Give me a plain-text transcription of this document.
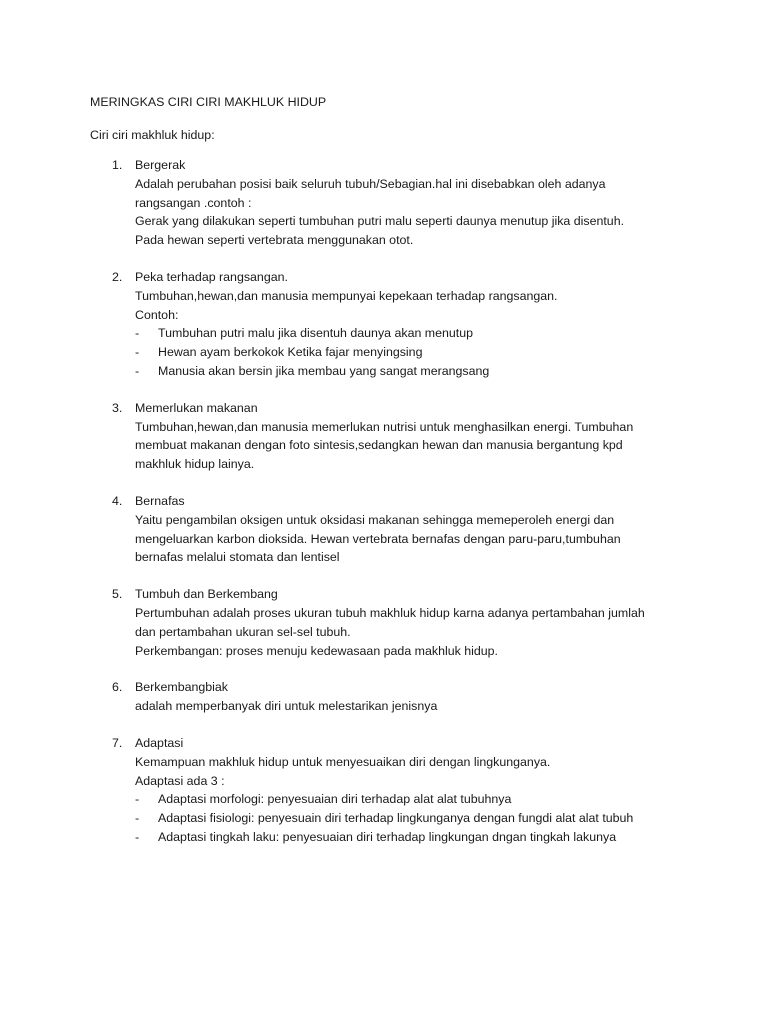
MERINGKAS CIRI CIRI MAKHLUK HIDUP
Ciri ciri makhluk hidup:
1. Bergerak
Adalah perubahan posisi baik seluruh tubuh/Sebagian.hal ini disebabkan oleh adanya
rangsangan .contoh :
Gerak yang dilakukan seperti tumbuhan putri malu seperti daunya menutup jika disentuh.
Pada hewan seperti vertebrata menggunakan otot.
2. Peka terhadap rangsangan.
Tumbuhan,hewan,dan manusia mempunyai kepekaan terhadap rangsangan.
Contoh:
- Tumbuhan putri malu jika disentuh daunya akan menutup
- Hewan ayam berkokok Ketika fajar menyingsing
- Manusia akan bersin jika membau yang sangat merangsang
3. Memerlukan makanan
Tumbuhan,hewan,dan manusia memerlukan nutrisi untuk menghasilkan energi. Tumbuhan
membuat makanan dengan foto sintesis,sedangkan hewan dan manusia bergantung kpd
makhluk hidup lainya.
4. Bernafas
Yaitu pengambilan oksigen untuk oksidasi makanan sehingga memeperoleh energi dan
mengeluarkan karbon dioksida. Hewan vertebrata bernafas dengan paru-paru,tumbuhan
bernafas melalui stomata dan lentisel
5. Tumbuh dan Berkembang
Pertumbuhan adalah proses ukuran tubuh makhluk hidup karna adanya pertambahan jumlah
dan pertambahan ukuran sel-sel tubuh.
Perkembangan: proses menuju kedewasaan pada makhluk hidup.
6. Berkembangbiak
adalah memperbanyak diri untuk melestarikan jenisnya
7. Adaptasi
Kemampuan makhluk hidup untuk menyesuaikan diri dengan lingkunganya.
Adaptasi ada 3 :
- Adaptasi morfologi: penyesuaian diri terhadap alat alat tubuhnya
- Adaptasi fisiologi: penyesuain diri terhadap lingkunganya dengan fungdi alat alat tubuh
- Adaptasi tingkah laku: penyesuaian diri terhadap lingkungan dngan tingkah lakunya
